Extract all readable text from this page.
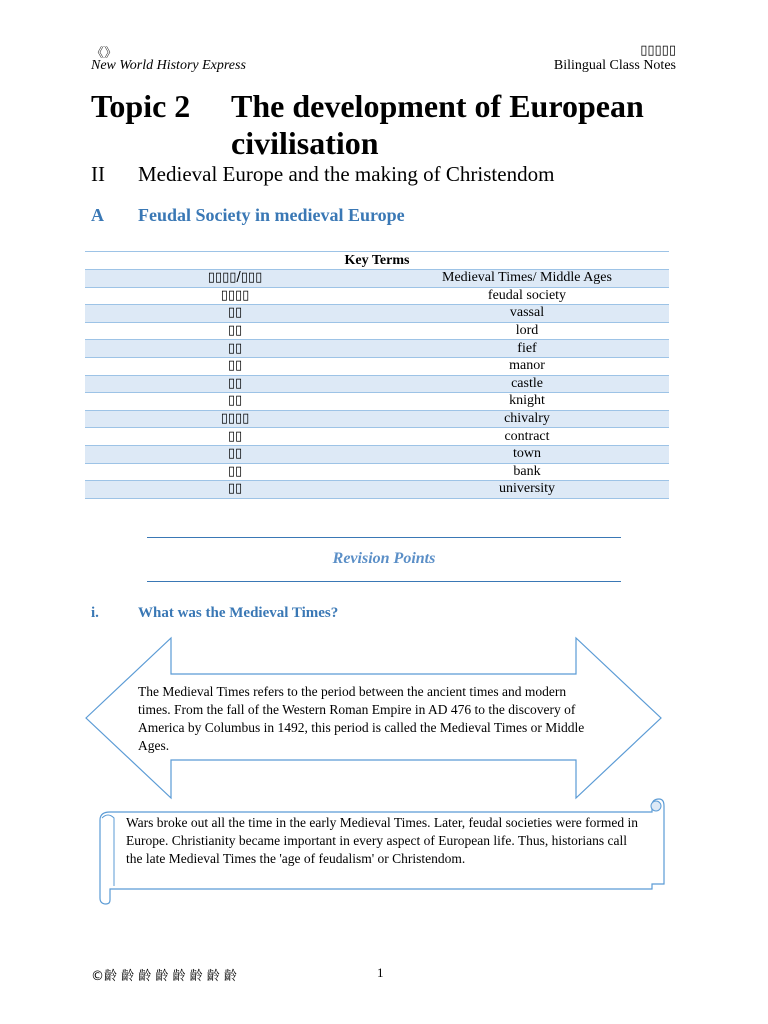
《》
New World History Express
▯▯▯▯▯
Bilingual Class Notes
Topic 2 The development of European civilisation
II Medieval Europe and the making of Christendom
A Feudal Society in medieval Europe
Key Terms	
▯▯▯▯/▯▯▯	Medieval Times/ Middle Ages
▯▯▯▯	feudal society
▯▯	vassal
▯▯	lord
▯▯	fief
▯▯	manor
▯▯	castle
▯▯	knight
▯▯▯▯	chivalry
▯▯	contract
▯▯	town
▯▯	bank
▯▯	university
Revision Points
i.	What was the Medieval Times?
The Medieval Times refers to the period between the ancient times and modern times. From the fall of the Western Roman Empire in AD 476 to the discovery of America by Columbus in 1492, this period is called the Medieval Times or Middle Ages.
Wars broke out all the time in the early Medieval Times. Later, feudal societies were formed in Europe. Christianity became important in every aspect of European life. Thus, historians call the late Medieval Times the 'age of feudalism' or Christendom.
©齡 齡 齡 齡 齡 齡 齡 齡	1
